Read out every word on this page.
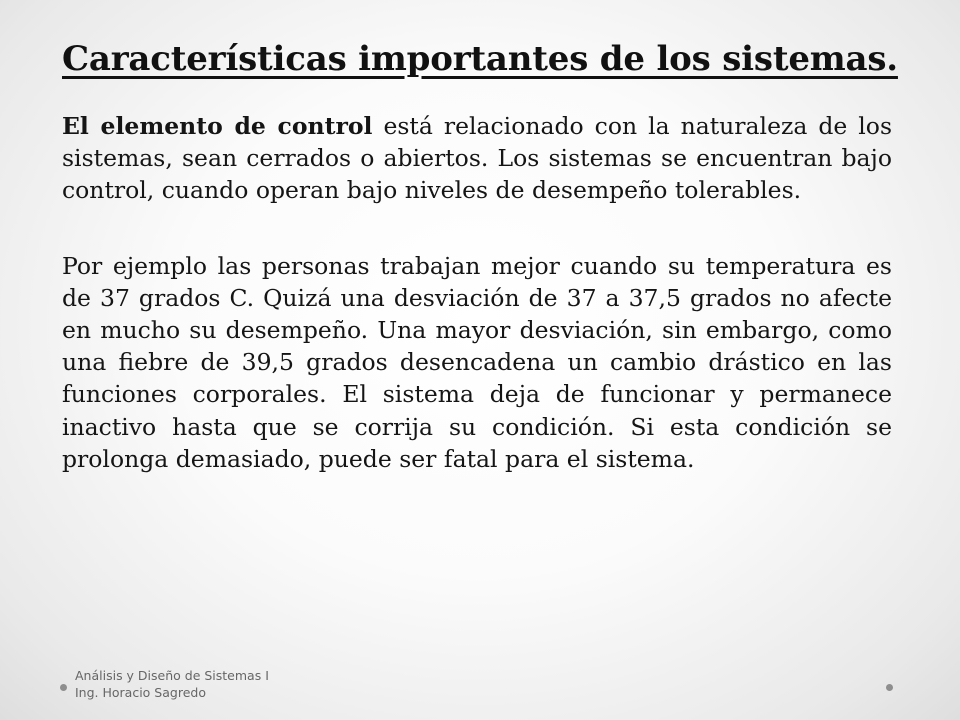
Características importantes de los sistemas.

El elemento de control está relacionado con la naturaleza de los sistemas, sean cerrados o abiertos. Los sistemas se encuentran bajo control, cuando operan bajo niveles de desempeño tolerables.

Por ejemplo las personas trabajan mejor cuando su temperatura es de 37 grados C. Quizá una desviación de 37 a 37,5 grados no afecte en mucho su desempeño. Una mayor desviación, sin embargo, como una fiebre de 39,5 grados desencadena un cambio drástico en las funciones corporales. El sistema deja de funcionar y permanece inactivo hasta que se corrija su condición. Si esta condición se prolonga demasiado, puede ser fatal para el sistema.

Análisis y Diseño de Sistemas I
Ing. Horacio Sagredo
